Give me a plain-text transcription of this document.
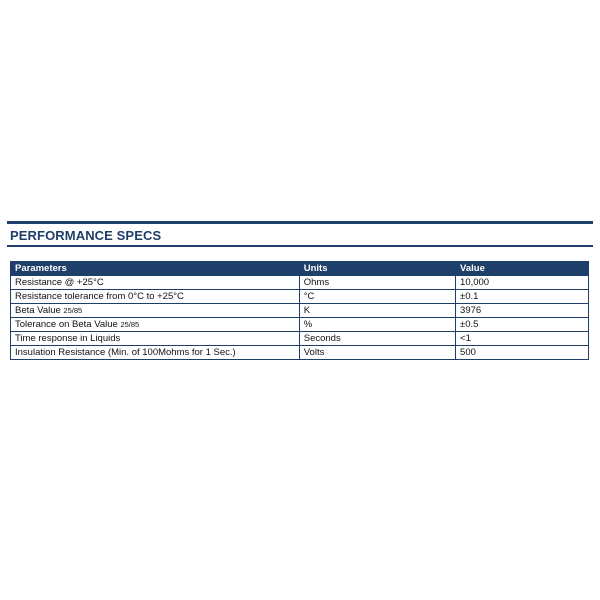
PERFORMANCE SPECS
Parameters	Units	Value
Resistance @ +25°C	Ohms	10,000
Resistance tolerance from 0°C to +25°C	°C	±0.1
Beta Value 25/85	K	3976
Tolerance on Beta Value 25/85	%	±0.5
Time response in Liquids	Seconds	<1
Insulation Resistance (Min. of 100Mohms for 1 Sec.)	Volts	500
